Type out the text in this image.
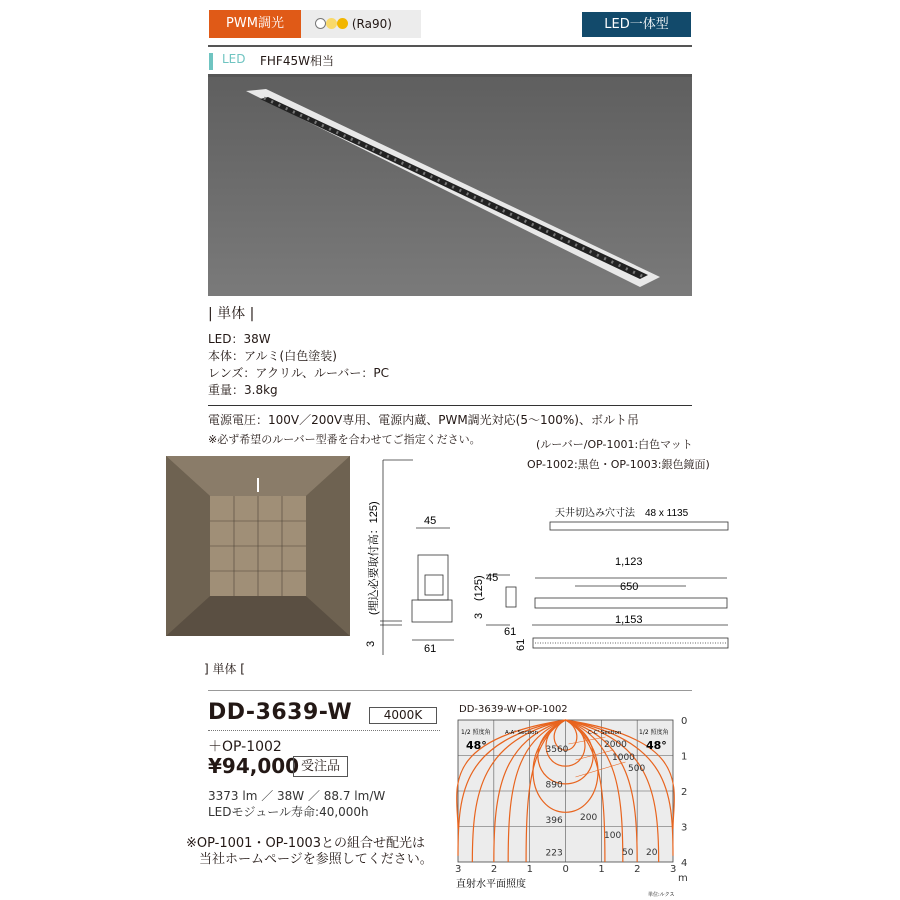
PWM調光	(Ra90)	LED一体型
LED FHF45W相当
| 単体 |
LED：38W
本体：アルミ(白色塗装)
レンズ：アクリル、ルーバー：PC
重量：3.8kg
電源電圧：100V／200V専用、電源内蔵、PWM調光対応(5〜100%)、ボルト吊
※必ず希望のルーバー型番を合わせてご指定ください。	(ルーバー/OP-1001:白色マット
OP-1002:黒色・OP-1003:銀色鏡面)
45
61
3
(埋込必要取付高：125)	45
(125)
3
61
61
天井切込み穴寸法　48 x 1135
1,123
650
1,153
] 単体 [
DD-3639-W	4000K
＋OP-1002
¥94,000 受注品
3373 lm ／ 38W ／ 88.7 lm/W
LEDモジュール寿命:40,000h
※OP-1001・OP-1003との組合せ配光は
当社ホームページを参照してください。
DD-3639-W+OP-1002
1/2 照度角
48°
A-A' Section	C-C' Section	1/2 照度角
48°
3	2	1	0	1	2	3
m
0
1
2
3
4
3560
890
396
223
2000
1000
500
200
100
50 20
直射水平面照度
単位:ルクス
